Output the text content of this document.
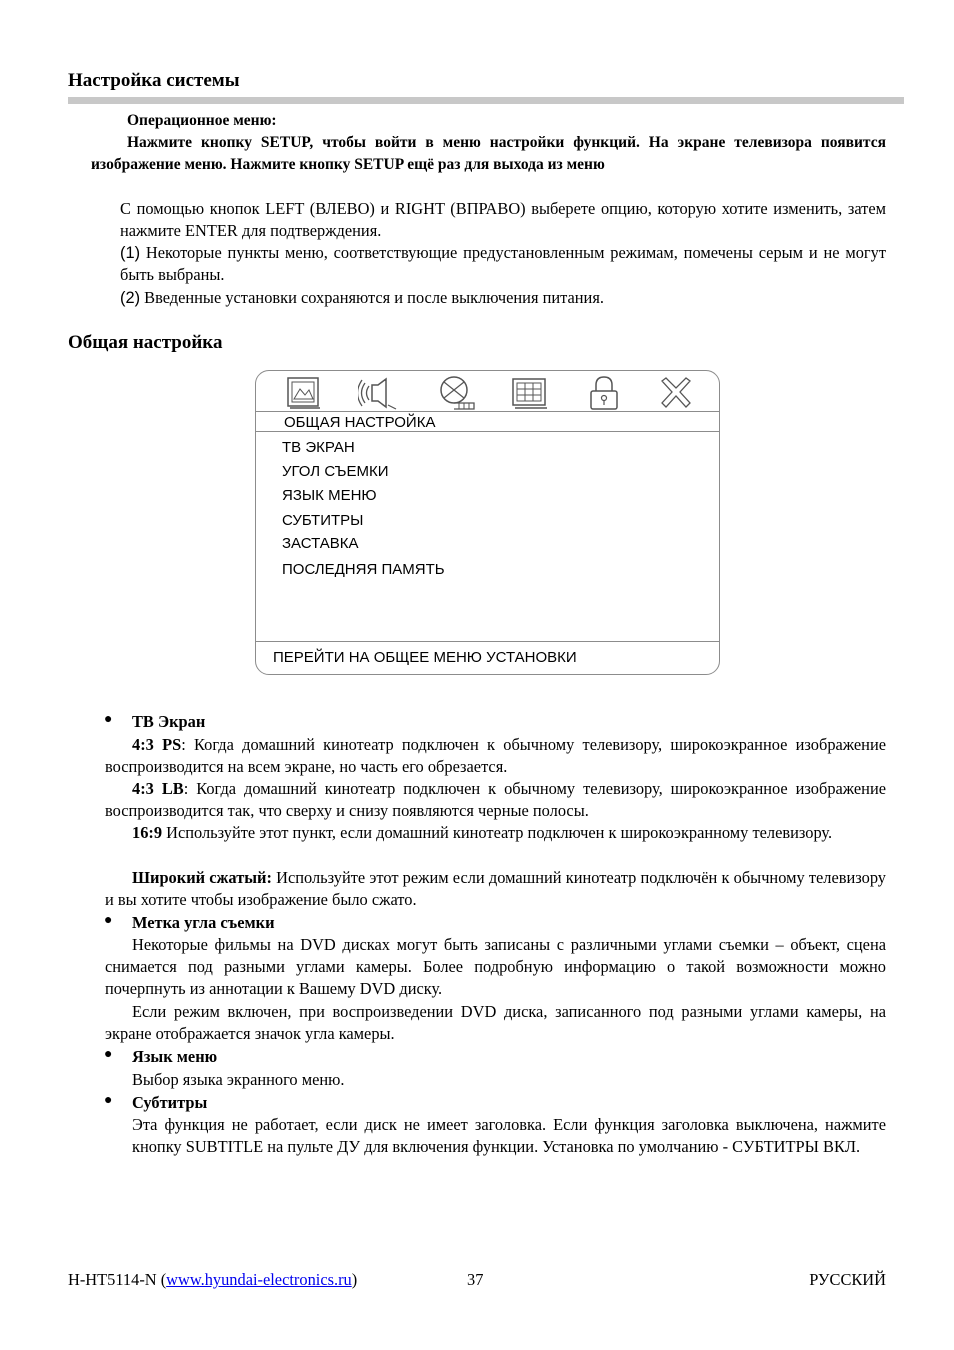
Настройка системы

Операционное меню:

Нажмите кнопку SETUP, чтобы войти в меню настройки функций. На экране телевизора появится изображение меню. Нажмите кнопку SETUP ещё раз для выхода из меню

С помощью кнопок LEFT (ВЛЕВО) и RIGHT (ВПРАВО) выберете опцию, которую хотите изменить, затем нажмите ENTER для подтверждения.

(1) Некоторые пункты меню, соответствующие предустановленным режимам, помечены серым и не могут быть выбраны.

(2) Введенные установки сохраняются и после выключения питания.

Общая настройка
ОБЩАЯ НАСТРОЙКА
ТВ ЭКРАН
УГОЛ СЪЕМКИ
ЯЗЫК МЕНЮ
СУБТИТРЫ
ЗАСТАВКА
ПОСЛЕДНЯЯ ПАМЯТЬ
ПЕРЕЙТИ НА ОБЩЕЕ МЕНЮ УСТАНОВКИ
● ТВ Экран

4:3 PS: Когда домашний кинотеатр подключен к обычному телевизору, широкоэкранное изображение воспроизводится на всем экране, но часть его обрезается.

4:3 LB: Когда домашний кинотеатр подключен к обычному телевизору, широкоэкранное изображение воспроизводится так, что сверху и снизу появляются черные полосы.

16:9 Используйте этот пункт, если домашний кинотеатр подключен к широкоэкранному телевизору.

Широкий сжатый: Используйте этот режим если домашний кинотеатр подключён к обычному телевизору и вы хотите чтобы изображение было сжато.

● Метка угла съемки

Некоторые фильмы на DVD дисках могут быть записаны с различными углами съемки – объект, сцена снимается под разными углами камеры. Более подробную информацию о такой возможности можно почерпнуть из аннотации к Вашему DVD диску.

Если режим включен, при воспроизведении DVD диска, записанного под разными углами камеры, на экране отображается значок угла камеры.

● Язык меню

Выбор языка экранного меню.

● Субтитры

Эта функция не работает, если диск не имеет заголовка. Если функция заголовка выключена, нажмите кнопку SUBTITLE на пульте ДУ для включения функции. Установка по умолчанию - СУБТИТРЫ ВКЛ.

H-HT5114-N (www.hyundai-electronics.ru)	37	РУССКИЙ
